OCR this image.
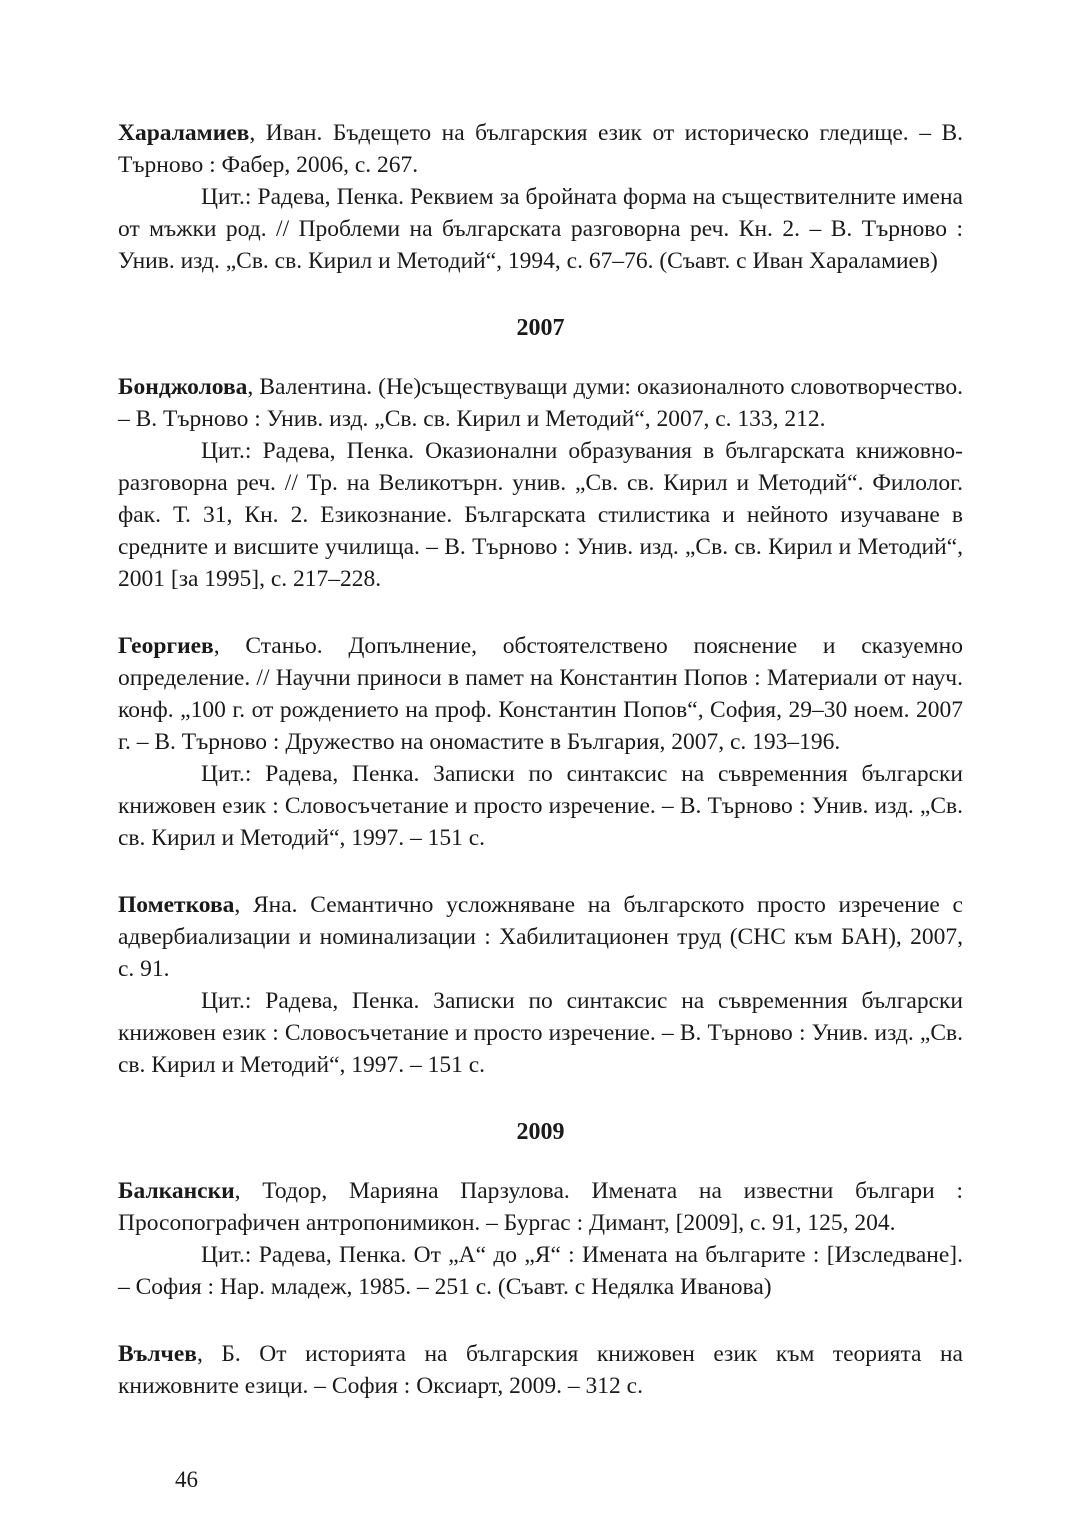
Хараламиев, Иван. Бъдещето на българския език от историческо гледище. – В. Търново : Фабер, 2006, с. 267.

Цит.: Радева, Пенка. Реквием за бройната форма на съществителните имена от мъжки род. // Проблеми на българската разговорна реч. Кн. 2. – В. Търново : Унив. изд. „Св. св. Кирил и Методий“, 1994, с. 67–76. (Съавт. с Иван Хараламиев)

2007

Бонджолова, Валентина. (Не)съществуващи думи: оказионалното словотворчество. – В. Търново : Унив. изд. „Св. св. Кирил и Методий“, 2007, с. 133, 212.

Цит.: Радева, Пенка. Оказионални образувания в българската книжовно-разговорна реч. // Тр. на Великотърн. унив. „Св. св. Кирил и Методий“. Филолог. фак. Т. 31, Кн. 2. Езикознание. Българската стилистика и нейното изучаване в средните и висшите училища. – В. Търново : Унив. изд. „Св. св. Кирил и Методий“, 2001 [за 1995], с. 217–228.

Георгиев, Станьо. Допълнение, обстоятелствено пояснение и сказуемно определение. // Научни приноси в памет на Константин Попов : Материали от науч. конф. „100 г. от рождението на проф. Константин Попов“, София, 29–30 ноем. 2007 г. – В. Търново : Дружество на ономастите в България, 2007, с. 193–196.

Цит.: Радева, Пенка. Записки по синтаксис на съвременния български книжовен език : Словосъчетание и просто изречение. – В. Търново : Унив. изд. „Св. св. Кирил и Методий“, 1997. – 151 с.

Пометкова, Яна. Семантично усложняване на българското просто изречение с адвербиализации и номинализации : Хабилитационен труд (СНС към БАН), 2007, с. 91.

Цит.: Радева, Пенка. Записки по синтаксис на съвременния български книжовен език : Словосъчетание и просто изречение. – В. Търново : Унив. изд. „Св. св. Кирил и Методий“, 1997. – 151 с.

2009

Балкански, Тодор, Марияна Парзулова. Имената на известни българи : Просопографичен антропонимикон. – Бургас : Димант, [2009], с. 91, 125, 204.

Цит.: Радева, Пенка. От „А“ до „Я“ : Имената на българите : [Изследване]. – София : Нар. младеж, 1985. – 251 с. (Съавт. с Недялка Иванова)

Вълчев, Б. От историята на българския книжовен език към теорията на книжовните езици. – София : Оксиарт, 2009. – 312 с.

46
